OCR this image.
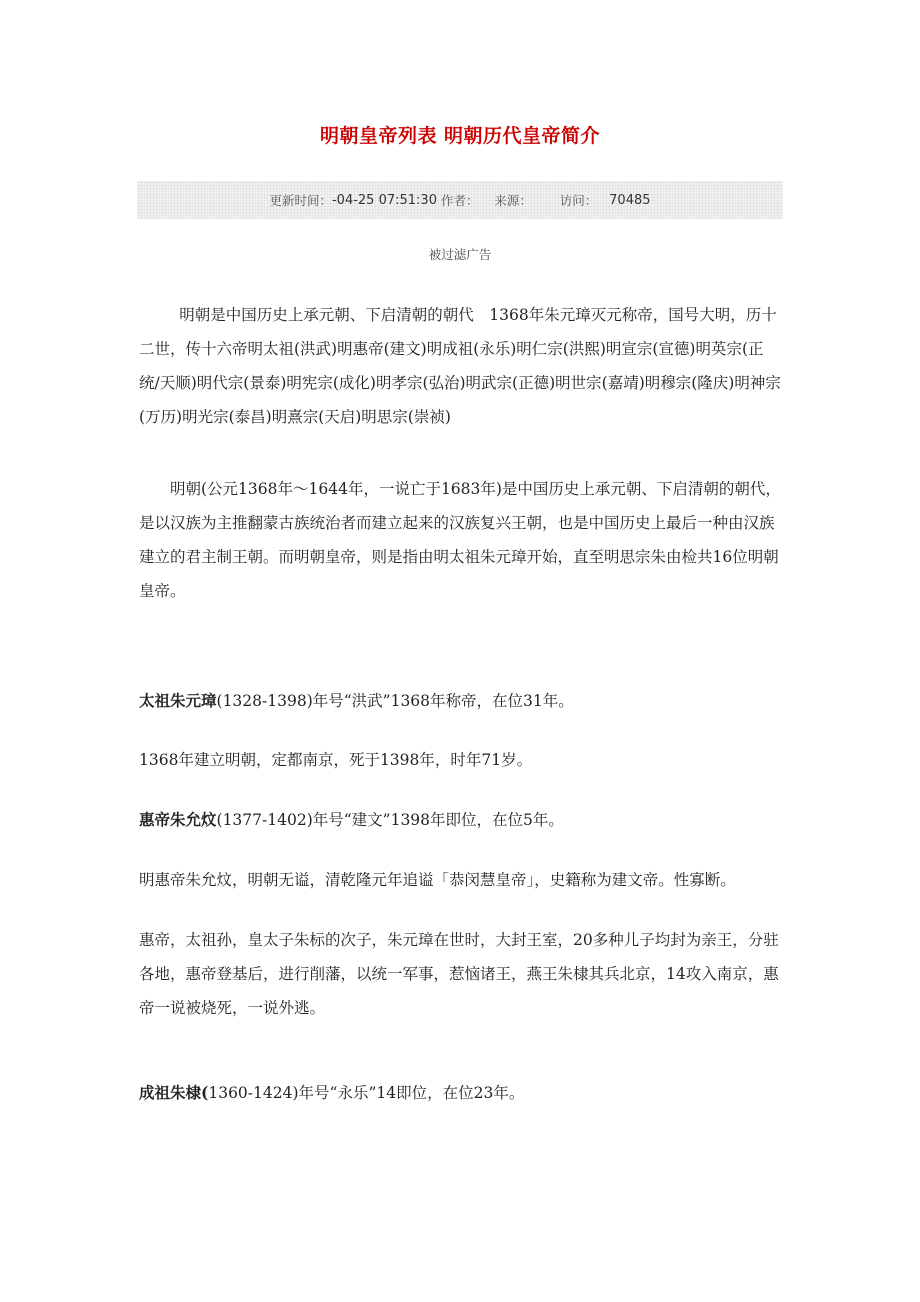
明朝皇帝列表 明朝历代皇帝简介
更新时间： -04-25 07:51:30
作者：
来源：
访问：
70485
被过滤广告

明朝是中国历史上承元朝、下启清朝的朝代　1368年朱元璋灭元称帝，国号大明，历十二世，传十六帝明太祖(洪武)明惠帝(建文)明成祖(永乐)明仁宗(洪熙)明宣宗(宣德)明英宗(正统/天顺)明代宗(景泰)明宪宗(成化)明孝宗(弘治)明武宗(正德)明世宗(嘉靖)明穆宗(隆庆)明神宗(万历)明光宗(泰昌)明熹宗(天启)明思宗(崇祯)

明朝(公元1368年～1644年，一说亡于1683年)是中国历史上承元朝、下启清朝的朝代，是以汉族为主推翻蒙古族统治者而建立起来的汉族复兴王朝，也是中国历史上最后一种由汉族建立的君主制王朝。而明朝皇帝，则是指由明太祖朱元璋开始，直至明思宗朱由检共16位明朝皇帝。

太祖朱元璋(1328-1398)年号“洪武”1368年称帝，在位31年。

1368年建立明朝，定都南京，死于1398年，时年71岁。

惠帝朱允炆(1377-1402)年号“建文”1398年即位，在位5年。

明惠帝朱允炆，明朝无谥，清乾隆元年追谥「恭闵慧皇帝」，史籍称为建文帝。性寡断。

惠帝，太祖孙，皇太子朱标的次子，朱元璋在世时，大封王室，20多种儿子均封为亲王，分驻各地，惠帝登基后，进行削藩，以统一军事，惹恼诸王，燕王朱棣其兵北京，14攻入南京，惠帝一说被烧死，一说外逃。

成祖朱棣(1360-1424)年号“永乐”14即位，在位23年。
